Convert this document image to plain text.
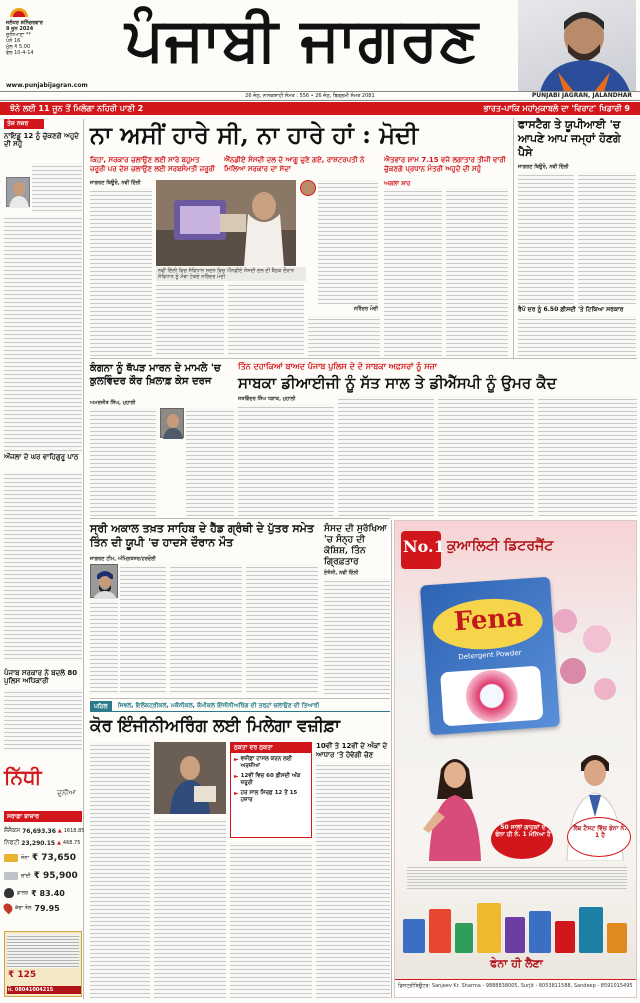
ਜਲੰਧਰ ਸ਼ਨਿੱਚਰਵਾਰ
8 ਜੂਨ 2024
ਲੁਧਿਆਣਾ **
ਪੰਨੇ 16
ਮੁੱਲ ₹ 5.00
ਵੱਲ 10-4-14	ਪੰਜਾਬੀ ਜਾਗਰਣ
www.punjabijagran.com
26 ਜੇਠ, ਨਾਨਕਸ਼ਾਹੀ ਸੰਮਤ : 556 • 26 ਜੇਠ, ਬਿਕ੍ਰਮੀ ਸੰਮਤ 2081	PUNJABI JAGRAN, JALANDHAR
ਝੋਨੇ ਲਈ 11 ਜੂਨ ਤੋਂ ਮਿਲੇਗਾ ਨਹਿਰੀ ਪਾਣੀ 2	ਭਾਰਤ-ਪਾਕਿ ਮਹਾਂਮੁਕਾਬਲੇ ਦਾ 'ਵਿਰਾਟ' ਖਿਡਾਰੀ 9
ਤੇਜ਼ ਨਜ਼ਰ
ਨਾਇਡੂ 12 ਨੂੰ ਚੁੱਕਣਗੇ ਅਹੁਦੇ ਦੀ ਸਹੁੰ
ਔਜਲਾ ਦੇ ਘਰ ਵਾਹਿਗੁਰੂ ਪਾਠ
ਪੰਜਾਬ ਸਰਕਾਰ ਨੇ ਬਦਲੇ 80 ਪੁਲਿਸ ਅਧਿਕਾਰੀ
ਨਿੱਧੀ
ਦੁਨੀਆ
ਸਰਾਫ਼ਾ ਬਾਜ਼ਾਰ
ਸੈਂਸੈਕਸ 76,693.36 ▲ 1618.85
ਨਿਫਟੀ 23,290.15 ▲ 468.75
ਸੋਨਾ ₹ 73,650
ਚਾਂਦੀ ₹ 95,900
ਡਾਲਰ ₹ 83.40
ਕੱਚਾ ਤੇਲ 79.95
₹ 125
ਮੋ. 08041004215
ਨਾ ਅਸੀਂ ਹਾਰੇ ਸੀ, ਨਾ ਹਾਰੇ ਹਾਂ : ਮੋਦੀ
ਕਿਹਾ, ਸਰਕਾਰ ਚਲਾਉਣ ਲਈ ਸਾਰੇ ਬਹੁਮਤ ਜ਼ਰੂਰੀ ਪਰ ਦੇਸ਼ ਚਲਾਉਣ ਲਈ ਸਰਬਸੰਮਤੀ ਜ਼ਰੂਰੀ
ਐੱਨਡੀਏ ਸੰਸਦੀ ਦਲ ਦੇ ਆਗੂ ਚੁਣੇ ਗਏ, ਰਾਸ਼ਟਰਪਤੀ ਨੇ ਮਿਲਿਆ ਸਰਕਾਰ ਦਾ ਸੱਦਾ
ਐਤਵਾਰ ਸ਼ਾਮ 7.15 ਵਜੇ ਲਗਾਤਾਰ ਤੀਜੀ ਵਾਰੀ ਚੁੱਕਣਗੇ ਪ੍ਰਧਾਨ ਮੰਤਰੀ ਅਹੁਦੇ ਦੀ ਸਹੁੰ
ਜਾਗਰਣ ਬਿਊਰੋ, ਨਵੀਂ ਦਿੱਲੀ
ਨਵੀਂ ਦਿੱਲੀ ਵਿਚ ਸੰਵਿਧਾਨ ਸਦਨ ਵਿਚ ਐੱਨਡੀਏ ਸੰਸਦੀ ਦਲ ਦੀ ਬੈਠਕ ਦੌਰਾਨ ਸੰਵਿਧਾਨ ਨੂੰ ਮੱਥਾ ਟੇਕਦੇ ਨਰਿੰਦਰ ਮੋਦੀ
ਨਰਿੰਦਰ ਮੋਦੀ
ਅਗਲਾ ਸ਼ਾਹ
ਫਾਸਟੈਗ ਤੇ ਯੂਪੀਆਈ 'ਚ ਆਪਣੇ ਆਪ ਜਮ੍ਹਾਂ ਹੋਣਗੇ ਪੈਸੇ
ਜਾਗਰਣ ਬਿਊਰੋ, ਨਵੀਂ ਦਿੱਲੀ
ਰੈਪੋ ਦਰ ਨੂੰ 6.50 ਫ਼ੀਸਦੀ 'ਤੇ ਟਿਕਿਆ ਸਰਕਾਰ
ਤਿੰਨ ਦਹਾਕਿਆਂ ਬਾਅਦ ਪੰਜਾਬ ਪੁਲਿਸ ਦੇ ਦੋ ਸਾਬਕਾ ਅਫ਼ਸਰਾਂ ਨੂੰ ਸਜ਼ਾ
ਸਾਬਕਾ ਡੀਆਈਜੀ ਨੂੰ ਸੱਤ ਸਾਲ ਤੇ ਡੀਐੱਸਪੀ ਨੂੰ ਉਮਰ ਕੈਦ
ਸਤਵਿੰਦਰ ਸਿੰਘ ਧੜਾਕ, ਮੁਹਾਲੀ
ਕੰਗਨਾ ਨੂੰ ਥੱਪੜ ਮਾਰਨ ਦੇ ਮਾਮਲੇ 'ਚ ਕੁਲਵਿੰਦਰ ਕੌਰ ਖ਼ਿਲਾਫ਼ ਕੇਸ ਦਰਜ
ਅਮਰਜੀਤ ਸਿੰਘ, ਮੁਹਾਲੀ
ਸ੍ਰੀ ਅਕਾਲ ਤਖ਼ਤ ਸਾਹਿਬ ਦੇ ਹੈੱਡ ਗ੍ਰੰਥੀ ਦੇ ਪੁੱਤਰ ਸਮੇਤ ਤਿੰਨ ਦੀ ਯੂਪੀ 'ਚ ਹਾਦਸੇ ਦੌਰਾਨ ਮੌਤ
ਜਾਗਰਣ ਟੀਮ, ਅੰਮ੍ਰਿਤਸਰ/ਹਰਦੋਈ
ਸੰਸਦ ਦੀ ਸੁਰੱਖਿਆ 'ਚ ਸੰਨ੍ਹ ਦੀ ਕੋਸ਼ਿਸ਼, ਤਿੰਨ ਗ੍ਰਿਫ਼ਤਾਰ
ਏਜੰਸੀ, ਨਵੀਂ ਦਿੱਲੀ
No.1 ਕੁਆਲਿਟੀ ਡਿਟਰਜੈਂਟ
Fena
Detergent Powder
50 ਸਾਲਾਂ ਗਾਹਕਾਂ ਦੇ ਫੇਨਾ ਹੀ ਨੰ. 1 ਮੰਨਿਆ ਹੈ
ਲੈਬ ਟੈਸਟ ਵਿੱਚ ਫੇਨਾ ਨੰ. 1 ਹੈ
ਫੇਨਾ ਹੀ ਲੈਣਾ
ਡਿਸਟ੍ਰੀਬਿਊਟਰ: Sanjeev Kr. Sharma - 9888838005, Surjit - 8053811588, Sandeep - 8591015495
ਪਹਿਲ	ਸਿਵਲ, ਇਲੈਕਟ੍ਰੀਕਲ, ਮਕੈਨੀਕਲ, ਕੈਮੀਕਲ ਇੰਜੀਨੀਅਰਿੰਗ ਦੀ ਤਰ੍ਹਾਂ ਚਲਾਉਣ ਦੀ ਤਿਆਰੀ
ਕੋਰ ਇੰਜੀਨੀਅਰਿੰਗ ਲਈ ਮਿਲੇਗਾ ਵਜ਼ੀਫ਼ਾ
ਨੁਕਤਾ ਦਰ ਨੁਕਤਾ
► ਵਜ਼ੀਫ਼ਾ ਹਾਸਲ ਕਰਨ ਲਈ ਅਰਜ਼ੀਆਂ
► 12ਵੀਂ ਵਿਚ 60 ਫ਼ੀਸਦੀ ਅੰਕ ਜ਼ਰੂਰੀ
► ਹਰ ਸਾਲ ਸਿਰਫ਼ 12 ਤੋਂ 15 ਹਜ਼ਾਰ
10ਵੀਂ ਤੇ 12ਵੀਂ ਦੇ ਅੰਕਾਂ ਦੇ ਆਧਾਰ 'ਤੇ ਹੋਵੇਗੀ ਚੋਣ
